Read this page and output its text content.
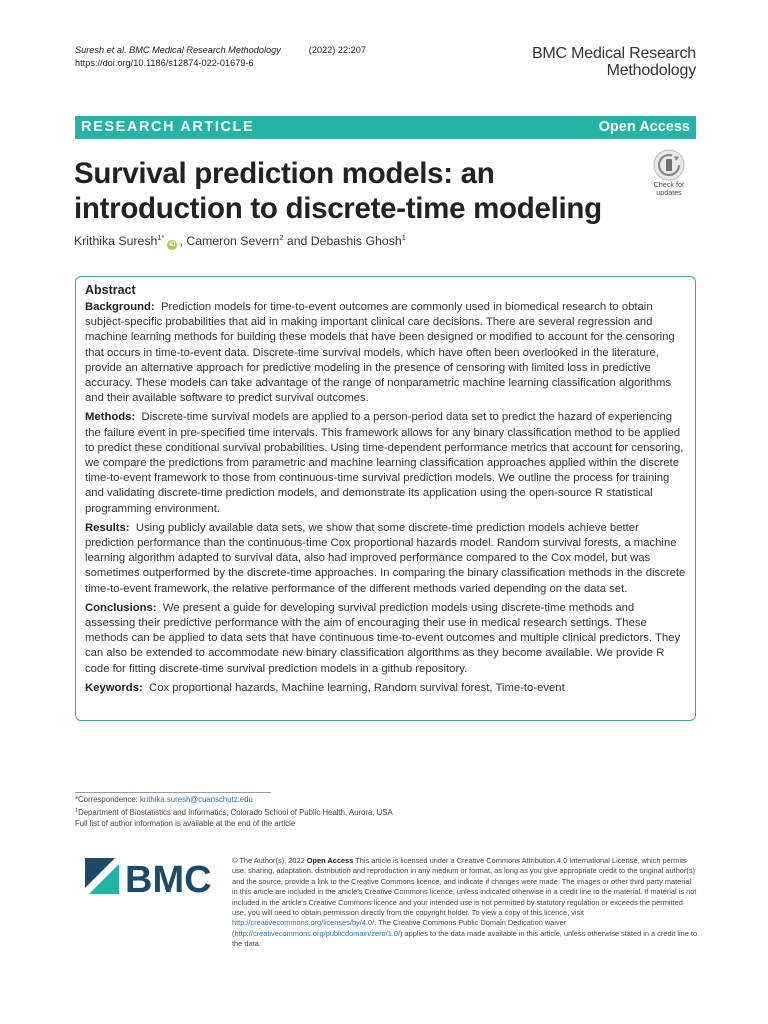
Suresh et al. BMC Medical Research Methodology	(2022) 22:207
https://doi.org/10.1186/s12874-022-01679-6
BMC Medical Research
Methodology
RESEARCH ARTICLE	Open Access
Survival prediction models: an
introduction to discrete-time modeling
Check for
updates
Krithika Suresh$^{1*}$iD , Cameron Severn$^2$ and Debashis Ghosh$^1$
Abstract

Background: Prediction models for time-to-event outcomes are commonly used in biomedical research to obtain subject-specific probabilities that aid in making important clinical care decisions. There are several regression and machine learning methods for building these models that have been designed or modified to account for the censoring that occurs in time-to-event data. Discrete-time survival models, which have often been overlooked in the literature, provide an alternative approach for predictive modeling in the presence of censoring with limited loss in predictive accuracy. These models can take advantage of the range of nonparametric machine learning classification algorithms and their available software to predict survival outcomes.

Methods: Discrete-time survival models are applied to a person-period data set to predict the hazard of experiencing the failure event in pre-specified time intervals. This framework allows for any binary classification method to be applied to predict these conditional survival probabilities. Using time-dependent performance metrics that account for censoring, we compare the predictions from parametric and machine learning classification approaches applied within the discrete time-to-event framework to those from continuous-time survival prediction models. We outline the process for training and validating discrete-time prediction models, and demonstrate its application using the open-source R statistical programming environment.

Results: Using publicly available data sets, we show that some discrete-time prediction models achieve better prediction performance than the continuous-time Cox proportional hazards model. Random survival forests, a machine learning algorithm adapted to survival data, also had improved performance compared to the Cox model, but was sometimes outperformed by the discrete-time approaches. In comparing the binary classification methods in the discrete time-to-event framework, the relative performance of the different methods varied depending on the data set.

Conclusions: We present a guide for developing survival prediction models using discrete-time methods and assessing their predictive performance with the aim of encouraging their use in medical research settings. These methods can be applied to data sets that have continuous time-to-event outcomes and multiple clinical predictors. They can also be extended to accommodate new binary classification algorithms as they become available. We provide R code for fitting discrete-time survival prediction models in a github repository.

Keywords: Cox proportional hazards, Machine learning, Random survival forest, Time-to-event

*Correspondence: krithika.suresh@cuanschutz.edu
$^1$Department of Biostatistics and Informatics, Colorado School of Public Health, Aurora, USA
Full list of author information is available at the end of the article
BMC	© The Author(s). 2022 Open Access This article is licensed under a Creative Commons Attribution 4.0 International License, which permits use, sharing, adaptation, distribution and reproduction in any medium or format, as long as you give appropriate credit to the original author(s) and the source, provide a link to the Creative Commons licence, and indicate if changes were made. The images or other third party material in this article are included in the article's Creative Commons licence, unless indicated otherwise in a credit line to the material. If material is not included in the article's Creative Commons licence and your intended use is not permitted by statutory regulation or exceeds the permitted use, you will need to obtain permission directly from the copyright holder. To view a copy of this licence, visit http://creativecommons.org/licenses/by/4.0/. The Creative Commons Public Domain Dedication waiver (http://creativecommons.org/publicdomain/zero/1.0/) applies to the data made available in this article, unless otherwise stated in a credit line to the data.
